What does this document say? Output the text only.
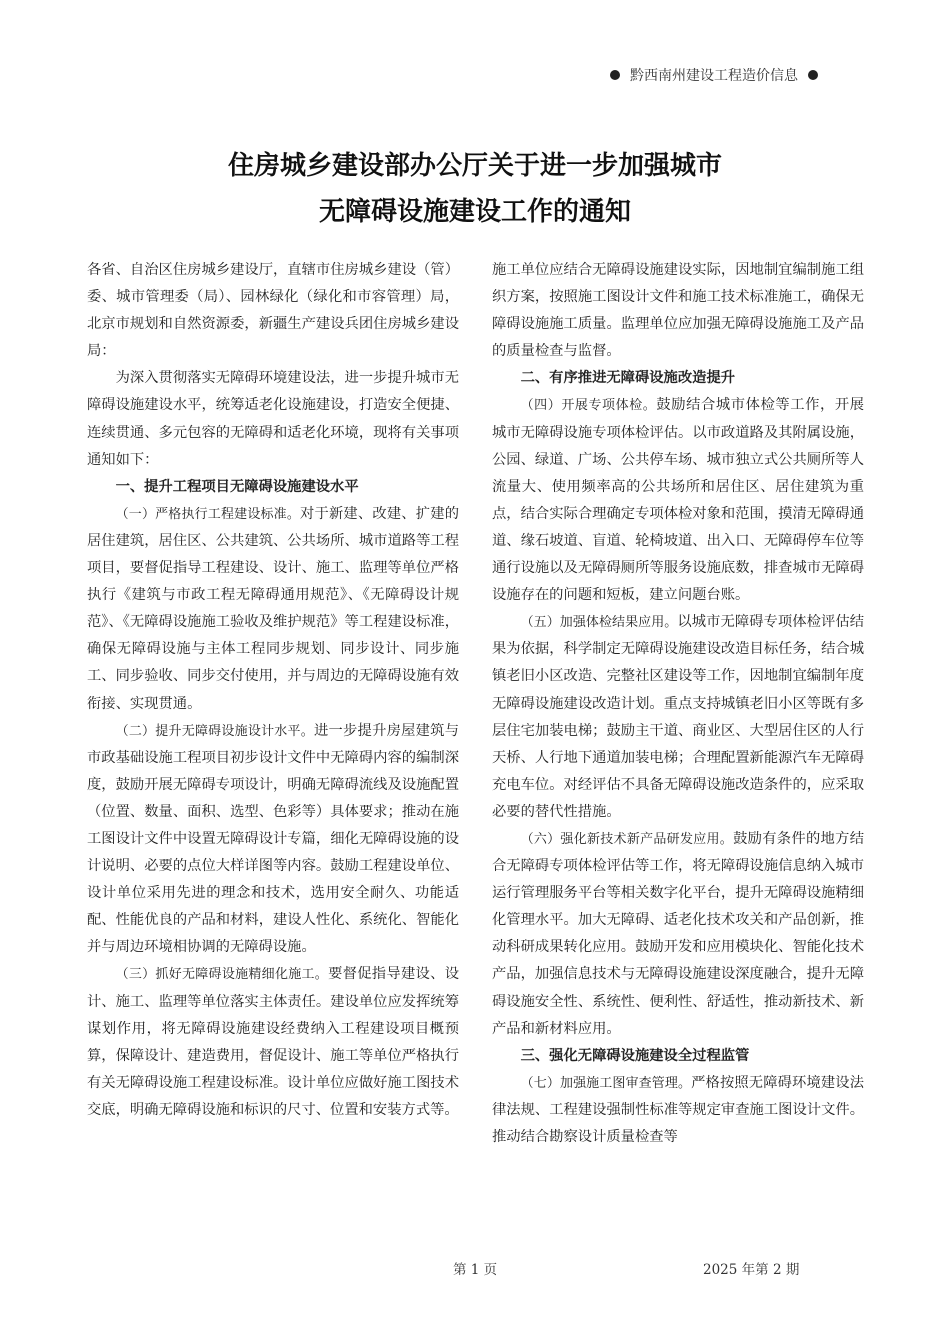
黔西南州建设工程造价信息
住房城乡建设部办公厅关于进一步加强城市
无障碍设施建设工作的通知

各省、自治区住房城乡建设厅，直辖市住房城乡建设（管）委、城市管理委（局）、园林绿化（绿化和市容管理）局，北京市规划和自然资源委，新疆生产建设兵团住房城乡建设局：

为深入贯彻落实无障碍环境建设法，进一步提升城市无障碍设施建设水平，统筹适老化设施建设，打造安全便捷、连续贯通、多元包容的无障碍和适老化环境，现将有关事项通知如下：

一、提升工程项目无障碍设施建设水平

（一）严格执行工程建设标准。对于新建、改建、扩建的居住建筑，居住区、公共建筑、公共场所、城市道路等工程项目，要督促指导工程建设、设计、施工、监理等单位严格执行《建筑与市政工程无障碍通用规范》、《无障碍设计规范》、《无障碍设施施工验收及维护规范》等工程建设标准，确保无障碍设施与主体工程同步规划、同步设计、同步施工、同步验收、同步交付使用，并与周边的无障碍设施有效衔接、实现贯通。

（二）提升无障碍设施设计水平。进一步提升房屋建筑与市政基础设施工程项目初步设计文件中无障碍内容的编制深度，鼓励开展无障碍专项设计，明确无障碍流线及设施配置（位置、数量、面积、选型、色彩等）具体要求；推动在施工图设计文件中设置无障碍设计专篇，细化无障碍设施的设计说明、必要的点位大样详图等内容。鼓励工程建设单位、设计单位采用先进的理念和技术，选用安全耐久、功能适配、性能优良的产品和材料，建设人性化、系统化、智能化并与周边环境相协调的无障碍设施。

（三）抓好无障碍设施精细化施工。要督促指导建设、设计、施工、监理等单位落实主体责任。建设单位应发挥统筹谋划作用，将无障碍设施建设经费纳入工程建设项目概预算，保障设计、建造费用，督促设计、施工等单位严格执行有关无障碍设施工程建设标准。设计单位应做好施工图技术交底，明确无障碍设施和标识的尺寸、位置和安装方式等。

施工单位应结合无障碍设施建设实际，因地制宜编制施工组织方案，按照施工图设计文件和施工技术标准施工，确保无障碍设施施工质量。监理单位应加强无障碍设施施工及产品的质量检查与监督。

二、有序推进无障碍设施改造提升

（四）开展专项体检。鼓励结合城市体检等工作，开展城市无障碍设施专项体检评估。以市政道路及其附属设施，公园、绿道、广场、公共停车场、城市独立式公共厕所等人流量大、使用频率高的公共场所和居住区、居住建筑为重点，结合实际合理确定专项体检对象和范围，摸清无障碍通道、缘石坡道、盲道、轮椅坡道、出入口、无障碍停车位等通行设施以及无障碍厕所等服务设施底数，排查城市无障碍设施存在的问题和短板，建立问题台账。

（五）加强体检结果应用。以城市无障碍专项体检评估结果为依据，科学制定无障碍设施建设改造目标任务，结合城镇老旧小区改造、完整社区建设等工作，因地制宜编制年度无障碍设施建设改造计划。重点支持城镇老旧小区等既有多层住宅加装电梯；鼓励主干道、商业区、大型居住区的人行天桥、人行地下通道加装电梯；合理配置新能源汽车无障碍充电车位。对经评估不具备无障碍设施改造条件的，应采取必要的替代性措施。

（六）强化新技术新产品研发应用。鼓励有条件的地方结合无障碍专项体检评估等工作，将无障碍设施信息纳入城市运行管理服务平台等相关数字化平台，提升无障碍设施精细化管理水平。加大无障碍、适老化技术攻关和产品创新，推动科研成果转化应用。鼓励开发和应用模块化、智能化技术产品，加强信息技术与无障碍设施建设深度融合，提升无障碍设施安全性、系统性、便利性、舒适性，推动新技术、新产品和新材料应用。

三、强化无障碍设施建设全过程监管

（七）加强施工图审查管理。严格按照无障碍环境建设法律法规、工程建设强制性标准等规定审查施工图设计文件。推动结合勘察设计质量检查等

第 1 页	2025 年第 2 期
